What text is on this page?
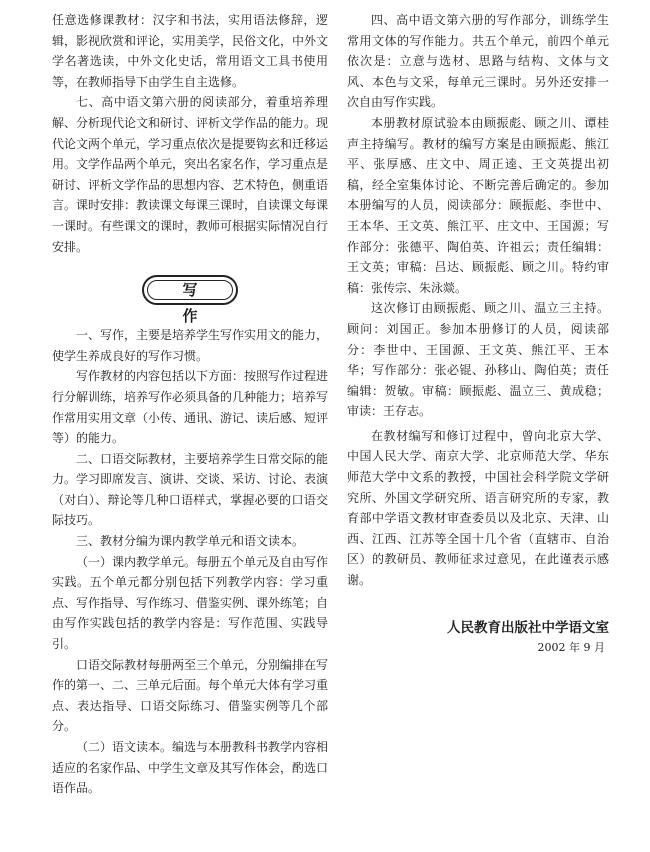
任意选修课教材：汉字和书法，实用语法修辞，逻辑，影视欣赏和评论，实用美学，民俗文化，中外文学名著选读，中外文化史话，常用语文工具书使用等，在教师指导下由学生自主选修。

七、高中语文第六册的阅读部分，着重培养理解、分析现代论文和研讨、评析文学作品的能力。现代论文两个单元，学习重点依次是提要钩玄和迁移运用。文学作品两个单元，突出名家名作，学习重点是研讨、评析文学作品的思想内容、艺术特色，侧重语言。课时安排：教读课文每课三课时，自读课文每课一课时。有些课文的课时，教师可根据实际情况自行安排。

写作

一、写作，主要是培养学生写作实用文的能力，使学生养成良好的写作习惯。

写作教材的内容包括以下方面：按照写作过程进行分解训练，培养写作必须具备的几种能力；培养写作常用实用文章（小传、通讯、游记、读后感、短评等）的能力。

二、口语交际教材，主要培养学生日常交际的能力。学习即席发言、演讲、交谈、采访、讨论、表演（对白）、辩论等几种口语样式，掌握必要的口语交际技巧。

三、教材分编为课内教学单元和语文读本。

（一）课内教学单元。每册五个单元及自由写作实践。五个单元都分别包括下列教学内容：学习重点、写作指导、写作练习、借鉴实例、课外练笔；自由写作实践包括的教学内容是：写作范围、实践导引。

口语交际教材每册两至三个单元，分别编排在写作的第一、二、三单元后面。每个单元大体有学习重点、表达指导、口语交际练习、借鉴实例等几个部分。

（二）语文读本。编选与本册教科书教学内容相适应的名家作品、中学生文章及其写作体会，酌选口语作品。

四、高中语文第六册的写作部分，训练学生常用文体的写作能力。共五个单元，前四个单元依次是：立意与选材、思路与结构、文体与文风、本色与文采，每单元三课时。另外还安排一次自由写作实践。

本册教材原试验本由顾振彪、顾之川、谭桂声主持编写。教材的编写方案是由顾振彪、熊江平、张厚感、庄文中、周正逵、王文英提出初稿，经全室集体讨论、不断完善后确定的。参加本册编写的人员，阅读部分：顾振彪、李世中、王本华、王文英、熊江平、庄文中、王国源；写作部分：张德平、陶伯英、许祖云；责任编辑：王文英；审稿：吕达、顾振彪、顾之川。特约审稿：张传宗、朱泳燚。

这次修订由顾振彪、顾之川、温立三主持。顾问：刘国正。参加本册修订的人员，阅读部分：李世中、王国源、王文英、熊江平、王本华；写作部分：张必锟、孙移山、陶伯英；责任编辑：贺敏。审稿：顾振彪、温立三、黄成稳；审读：王存志。

在教材编写和修订过程中，曾向北京大学、中国人民大学、南京大学、北京师范大学、华东师范大学中文系的教授，中国社会科学院文学研究所、外国文学研究所、语言研究所的专家，教育部中学语文教材审查委员以及北京、天津、山西、江西、江苏等全国十几个省（直辖市、自治区）的教研员、教师征求过意见，在此谨表示感谢。

人民教育出版社中学语文室
2002 年 9 月
